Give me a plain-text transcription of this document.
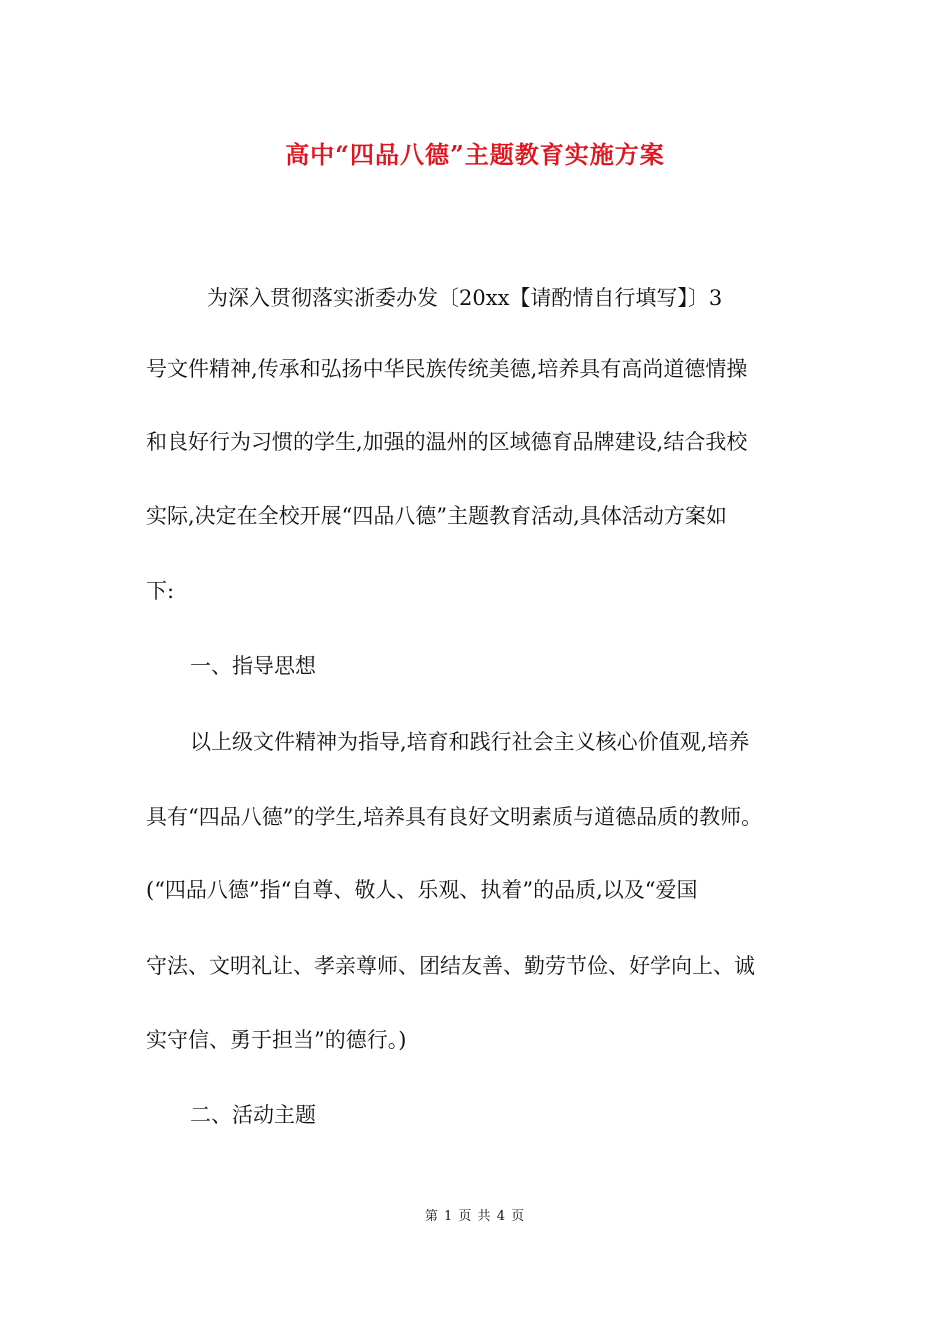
高中“四品八德”主题教育实施方案
为深入贯彻落实浙委办发〔20xx【请酌情自行填写】〕3
号文件精神,传承和弘扬中华民族传统美德,培养具有高尚道德情操
和良好行为习惯的学生,加强的温州的区域德育品牌建设,结合我校
实际,决定在全校开展“四品八德”主题教育活动,具体活动方案如
下:
一、指导思想
以上级文件精神为指导,培育和践行社会主义核心价值观,培养
具有“四品八德”的学生,培养具有良好文明素质与道德品质的教师。
(“四品八德”指“自尊、敬人、乐观、执着”的品质,以及“爱国
守法、文明礼让、孝亲尊师、团结友善、勤劳节俭、好学向上、诚
实守信、勇于担当”的德行。)
二、活动主题
第 1 页 共 4 页
